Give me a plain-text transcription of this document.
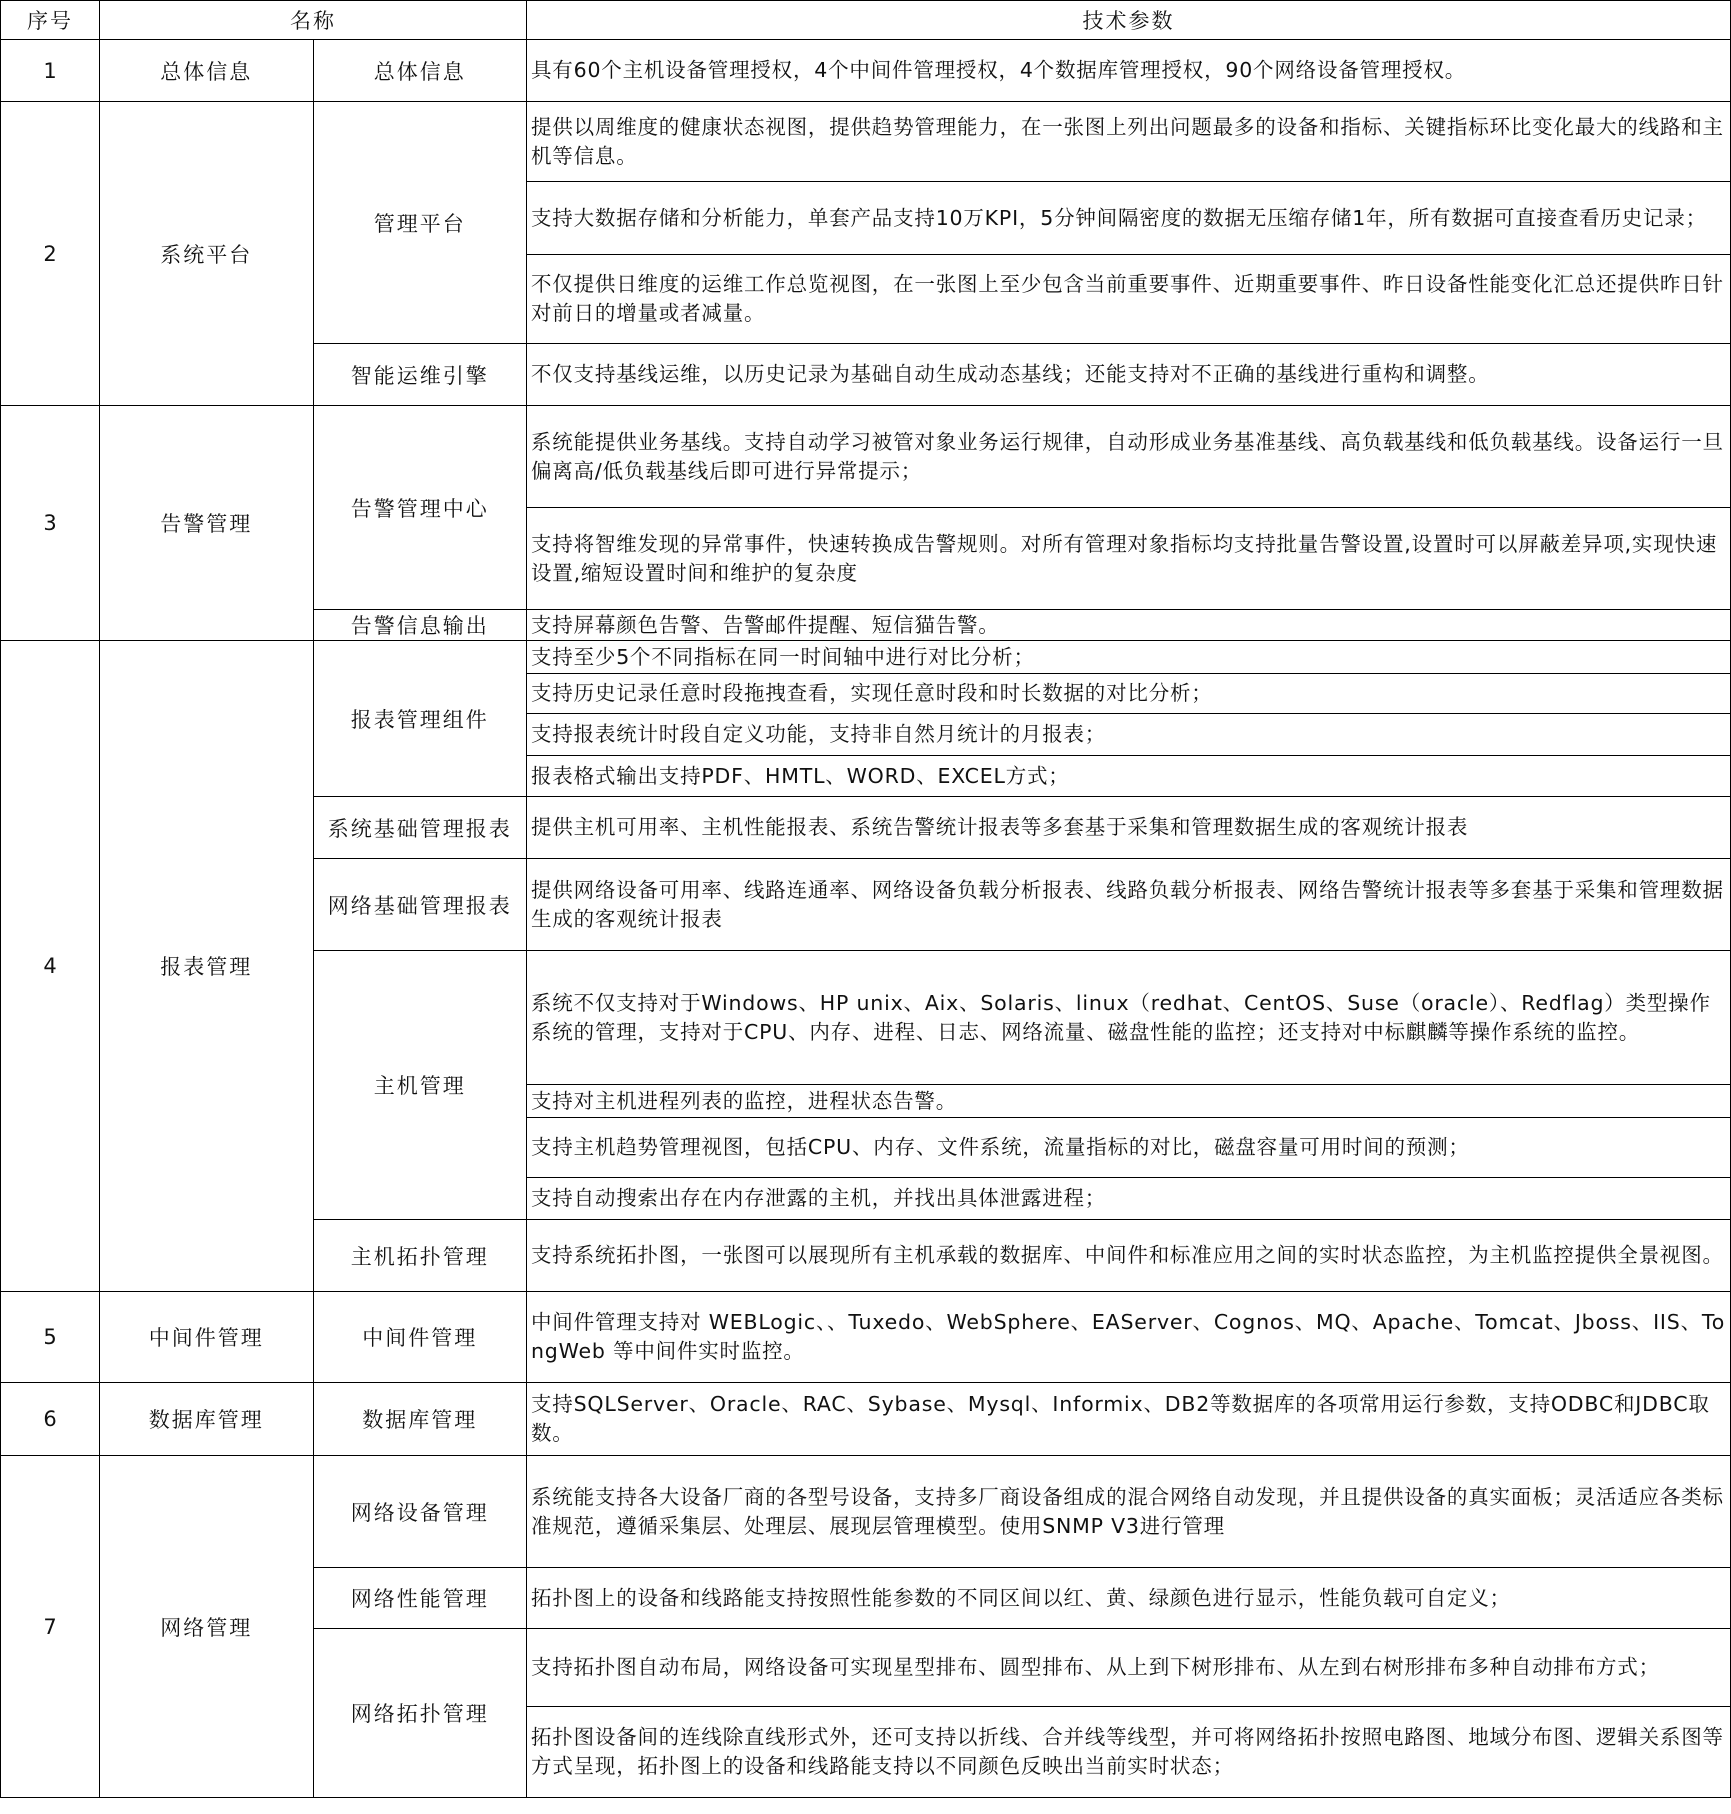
序号	名称		技术参数
1	总体信息	总体信息	具有60个主机设备管理授权，4个中间件管理授权，4个数据库管理授权，90个网络设备管理授权。
2	系统平台	管理平台	提供以周维度的健康状态视图，提供趋势管理能力，在一张图上列出问题最多的设备和指标、关键指标环比变化最大的线路和主机等信息。
			支持大数据存储和分析能力，单套产品支持10万KPI，5分钟间隔密度的数据无压缩存储1年，所有数据可直接查看历史记录；
			不仅提供日维度的运维工作总览视图，在一张图上至少包含当前重要事件、近期重要事件、昨日设备性能变化汇总还提供昨日针对前日的增量或者减量。
		智能运维引擎	不仅支持基线运维，以历史记录为基础自动生成动态基线；还能支持对不正确的基线进行重构和调整。
3	告警管理	告警管理中心	系统能提供业务基线。支持自动学习被管对象业务运行规律，自动形成业务基准基线、高负载基线和低负载基线。设备运行一旦偏离高/低负载基线后即可进行异常提示；
			支持将智维发现的异常事件，快速转换成告警规则。对所有管理对象指标均支持批量告警设置,设置时可以屏蔽差异项,实现快速设置,缩短设置时间和维护的复杂度
		告警信息输出	支持屏幕颜色告警、告警邮件提醒、短信猫告警。
4	报表管理	报表管理组件	支持至少5个不同指标在同一时间轴中进行对比分析；
			支持历史记录任意时段拖拽查看，实现任意时段和时长数据的对比分析；
			支持报表统计时段自定义功能，支持非自然月统计的月报表；
			报表格式输出支持PDF、HMTL、WORD、EXCEL方式；
		系统基础管理报表	提供主机可用率、主机性能报表、系统告警统计报表等多套基于采集和管理数据生成的客观统计报表
		网络基础管理报表	提供网络设备可用率、线路连通率、网络设备负载分析报表、线路负载分析报表、网络告警统计报表等多套基于采集和管理数据生成的客观统计报表
		主机管理	系统不仅支持对于Windows、HP unix、Aix、Solaris、linux（redhat、CentOS、Suse（oracle）、Redflag）类型操作系统的管理，支持对于CPU、内存、进程、日志、网络流量、磁盘性能的监控；还支持对中标麒麟等操作系统的监控。
			支持对主机进程列表的监控，进程状态告警。
			支持主机趋势管理视图，包括CPU、内存、文件系统，流量指标的对比，磁盘容量可用时间的预测；
			支持自动搜索出存在内存泄露的主机，并找出具体泄露进程；
		主机拓扑管理	支持系统拓扑图，一张图可以展现所有主机承载的数据库、中间件和标准应用之间的实时状态监控，为主机监控提供全景视图。
5	中间件管理	中间件管理	中间件管理支持对 WEBLogic、、Tuxedo、WebSphere、EAServer、Cognos、MQ、Apache、Tomcat、Jboss、IIS、TongWeb 等中间件实时监控。
6	数据库管理	数据库管理	支持SQLServer、Oracle、RAC、Sybase、Mysql、Informix、DB2等数据库的各项常用运行参数，支持ODBC和JDBC取数。
7	网络管理	网络设备管理	系统能支持各大设备厂商的各型号设备，支持多厂商设备组成的混合网络自动发现，并且提供设备的真实面板；灵活适应各类标准规范，遵循采集层、处理层、展现层管理模型。使用SNMP V3进行管理
		网络性能管理	拓扑图上的设备和线路能支持按照性能参数的不同区间以红、黄、绿颜色进行显示，性能负载可自定义；
		网络拓扑管理	支持拓扑图自动布局，网络设备可实现星型排布、圆型排布、从上到下树形排布、从左到右树形排布多种自动排布方式；
			拓扑图设备间的连线除直线形式外，还可支持以折线、合并线等线型，并可将网络拓扑按照电路图、地域分布图、逻辑关系图等方式呈现，拓扑图上的设备和线路能支持以不同颜色反映出当前实时状态；
